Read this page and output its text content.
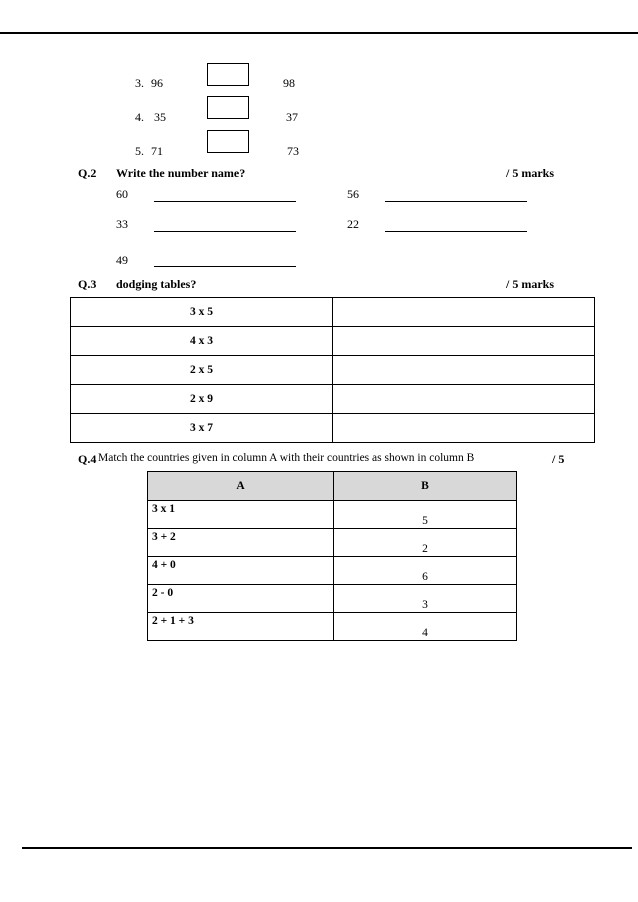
3. 96	98
4. 35	37
5. 71	73
Q.2 Write the number name?	/ 5 marks
60	56
33	22
49
Q.3 dodging tables?	/ 5 marks
3 x 5	
4 x 3	
2 x 5	
2 x 9	
3 x 7	
Q.4 Match the countries given in column A with their countries as shown in column B	/ 5
A	B
3 x 1	5
3 + 2	2
4 + 0	6
2 - 0	3
2 + 1 + 3	4
